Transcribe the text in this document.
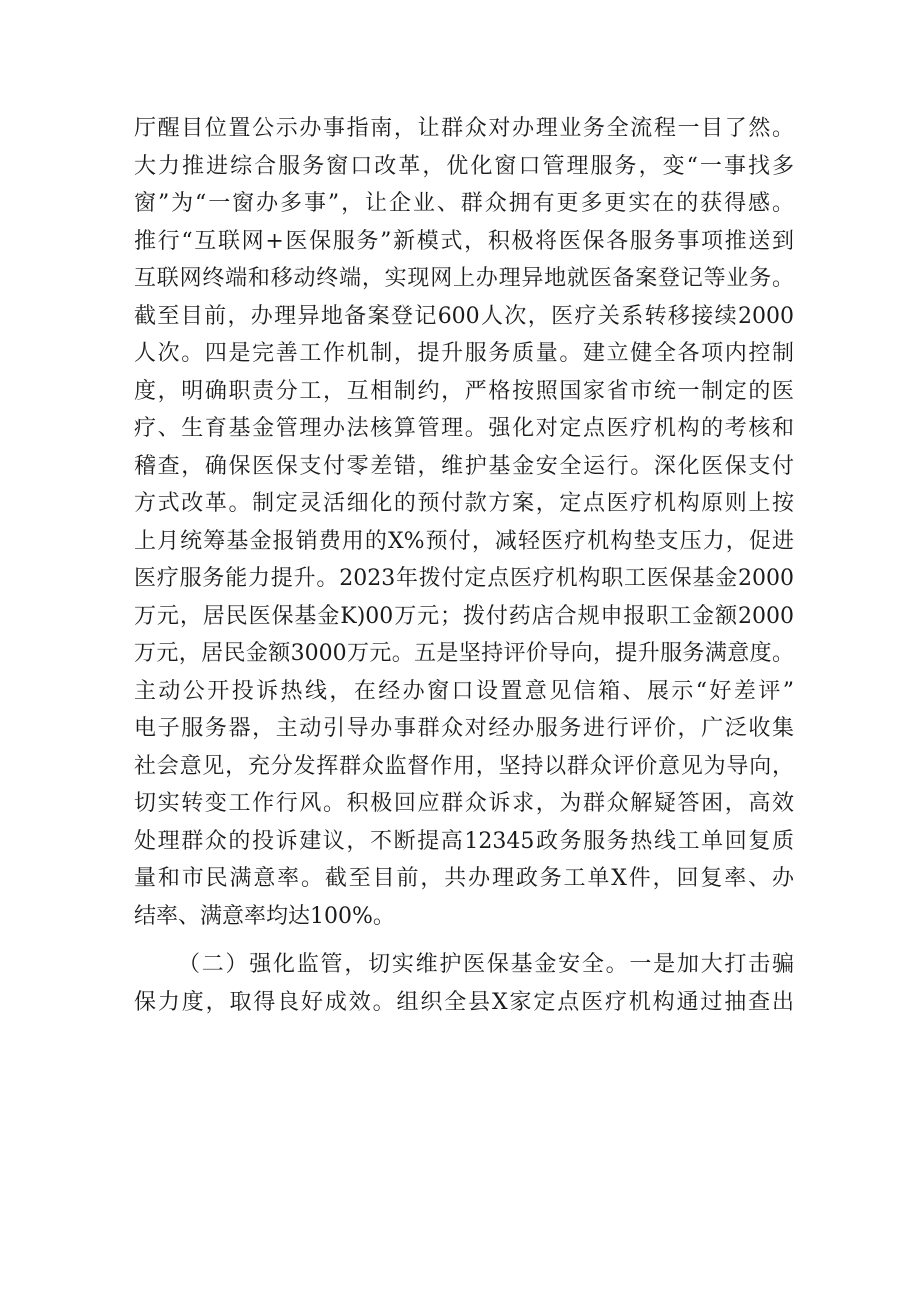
厅醒目位置公示办事指南，让群众对办理业务全流程一目了然。
大力推进综合服务窗口改革，优化窗口管理服务，变“一事找多
窗”为“一窗办多事”，让企业、群众拥有更多更实在的获得感。
推行“互联网+医保服务”新模式，积极将医保各服务事项推送到
互联网终端和移动终端，实现网上办理异地就医备案登记等业务。
截至目前，办理异地备案登记600人次，医疗关系转移接续2000
人次。四是完善工作机制，提升服务质量。建立健全各项内控制
度，明确职责分工，互相制约，严格按照国家省市统一制定的医
疗、生育基金管理办法核算管理。强化对定点医疗机构的考核和
稽查，确保医保支付零差错，维护基金安全运行。深化医保支付
方式改革。制定灵活细化的预付款方案，定点医疗机构原则上按
上月统筹基金报销费用的X%预付，减轻医疗机构垫支压力，促进
医疗服务能力提升。2023年拨付定点医疗机构职工医保基金2000
万元，居民医保基金K)00万元；拨付药店合规申报职工金额2000
万元，居民金额3000万元。五是坚持评价导向，提升服务满意度。
主动公开投诉热线，在经办窗口设置意见信箱、展示“好差评”
电子服务器，主动引导办事群众对经办服务进行评价，广泛收集
社会意见，充分发挥群众监督作用，坚持以群众评价意见为导向，
切实转变工作行风。积极回应群众诉求，为群众解疑答困，高效
处理群众的投诉建议，不断提高12345政务服务热线工单回复质
量和市民满意率。截至目前，共办理政务工单X件，回复率、办
结率、满意率均达100%。
（二）强化监管，切实维护医保基金安全。一是加大打击骗
保力度，取得良好成效。组织全县X家定点医疗机构通过抽查出
